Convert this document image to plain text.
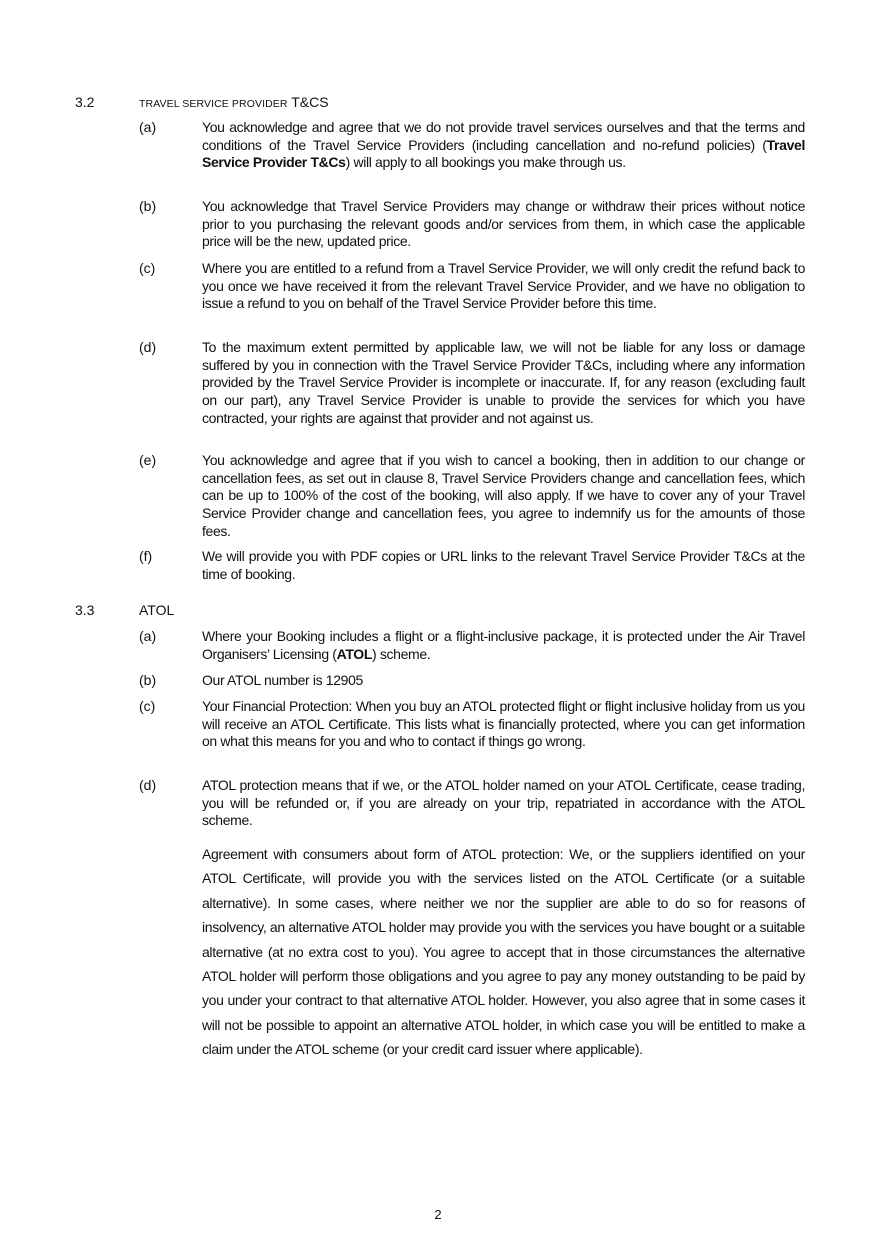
3.2	TRAVEL SERVICE PROVIDER T&CS
(a)	You acknowledge and agree that we do not provide travel services ourselves and that the terms and conditions of the Travel Service Providers (including cancellation and no-refund policies) (Travel Service Provider T&Cs) will apply to all bookings you make through us.
(b)	You acknowledge that Travel Service Providers may change or withdraw their prices without notice prior to you purchasing the relevant goods and/or services from them, in which case the applicable price will be the new, updated price.
(c)	Where you are entitled to a refund from a Travel Service Provider, we will only credit the refund back to you once we have received it from the relevant Travel Service Provider, and we have no obligation to issue a refund to you on behalf of the Travel Service Provider before this time.
(d)	To the maximum extent permitted by applicable law, we will not be liable for any loss or damage suffered by you in connection with the Travel Service Provider T&Cs, including where any information provided by the Travel Service Provider is incomplete or inaccurate. If, for any reason (excluding fault on our part), any Travel Service Provider is unable to provide the services for which you have contracted, your rights are against that provider and not against us.
(e)	You acknowledge and agree that if you wish to cancel a booking, then in addition to our change or cancellation fees, as set out in clause 8, Travel Service Providers change and cancellation fees, which can be up to 100% of the cost of the booking, will also apply. If we have to cover any of your Travel Service Provider change and cancellation fees, you agree to indemnify us for the amounts of those fees.
(f)	We will provide you with PDF copies or URL links to the relevant Travel Service Provider T&Cs at the time of booking.
3.3	ATOL
(a)	Where your Booking includes a flight or a flight-inclusive package, it is protected under the Air Travel Organisers’ Licensing (ATOL) scheme.
(b)	Our ATOL number is 12905
(c)	Your Financial Protection: When you buy an ATOL protected flight or flight inclusive holiday from us you will receive an ATOL Certificate. This lists what is financially protected, where you can get information on what this means for you and who to contact if things go wrong.
(d)	ATOL protection means that if we, or the ATOL holder named on your ATOL Certificate, cease trading, you will be refunded or, if you are already on your trip, repatriated in accordance with the ATOL scheme.
Agreement with consumers about form of ATOL protection: We, or the suppliers identified on your ATOL Certificate, will provide you with the services listed on the ATOL Certificate (or a suitable alternative). In some cases, where neither we nor the supplier are able to do so for reasons of insolvency, an alternative ATOL holder may provide you with the services you have bought or a suitable alternative (at no extra cost to you). You agree to accept that in those circumstances the alternative ATOL holder will perform those obligations and you agree to pay any money outstanding to be paid by you under your contract to that alternative ATOL holder. However, you also agree that in some cases it will not be possible to appoint an alternative ATOL holder, in which case you will be entitled to make a claim under the ATOL scheme (or your credit card issuer where applicable).
2
